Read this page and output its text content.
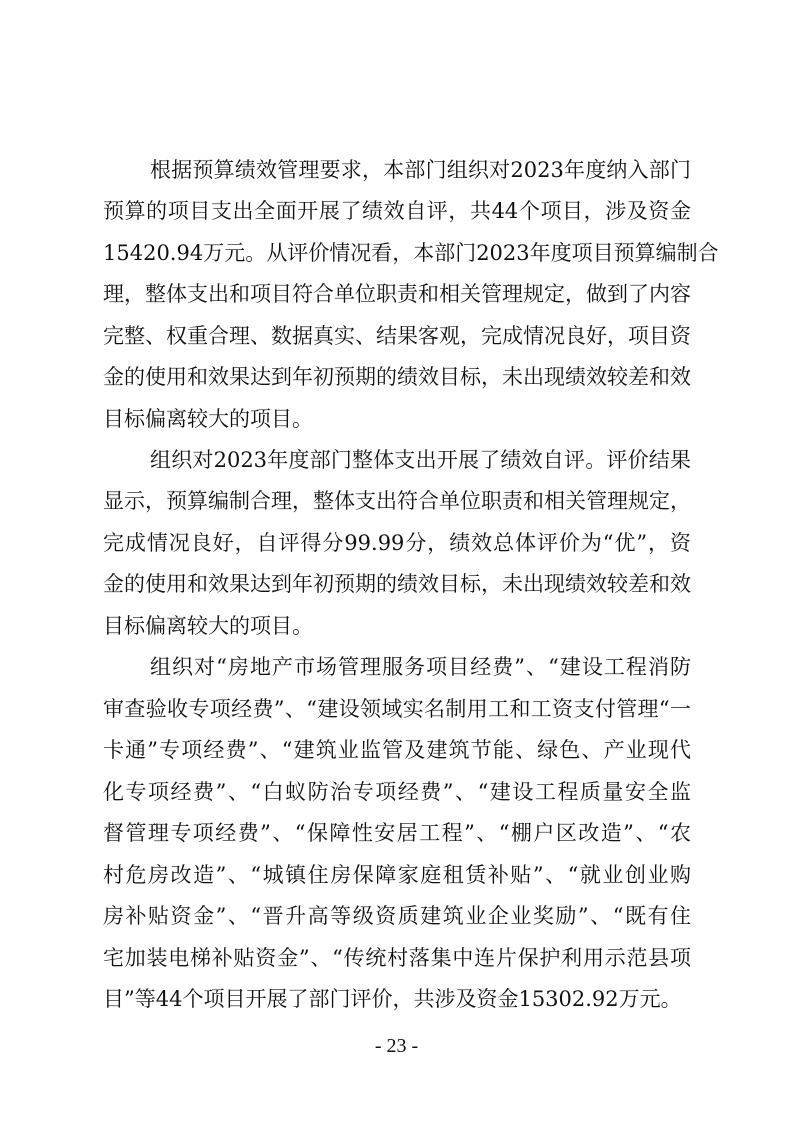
根据预算绩效管理要求，本部门组织对2023年度纳入部门

预算的项目支出全面开展了绩效自评，共44个项目，涉及资金

15420.94万元。从评价情况看，本部门2023年度项目预算编制合

理，整体支出和项目符合单位职责和相关管理规定，做到了内容

完整、权重合理、数据真实、结果客观，完成情况良好，项目资

金的使用和效果达到年初预期的绩效目标，未出现绩效较差和效

目标偏离较大的项目。

组织对2023年度部门整体支出开展了绩效自评。评价结果

显示，预算编制合理，整体支出符合单位职责和相关管理规定，

完成情况良好，自评得分99.99分，绩效总体评价为“优”，资

金的使用和效果达到年初预期的绩效目标，未出现绩效较差和效

目标偏离较大的项目。

组织对“房地产市场管理服务项目经费”、“建设工程消防

审查验收专项经费”、“建设领域实名制用工和工资支付管理“一

卡通”专项经费”、“建筑业监管及建筑节能、绿色、产业现代

化专项经费”、“白蚁防治专项经费”、“建设工程质量安全监

督管理专项经费”、“保障性安居工程”、“棚户区改造”、“农

村危房改造”、“城镇住房保障家庭租赁补贴”、“就业创业购

房补贴资金”、“晋升高等级资质建筑业企业奖励”、“既有住

宅加装电梯补贴资金”、“传统村落集中连片保护利用示范县项

目”等44个项目开展了部门评价，共涉及资金15302.92万元。

- 23 -
